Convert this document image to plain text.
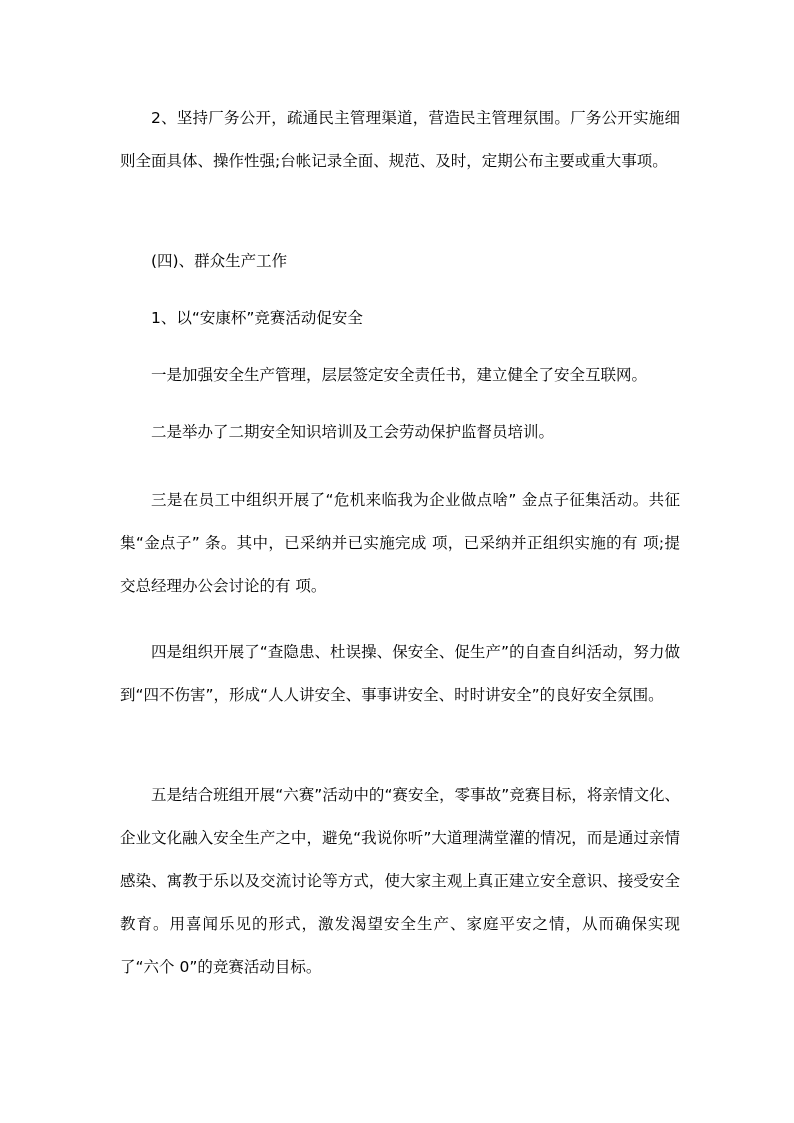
2、坚持厂务公开，疏通民主管理渠道，营造民主管理氛围。厂务公开实施细则全面具体、操作性强;台帐记录全面、规范、及时，定期公布主要或重大事项。

(四)、群众生产工作

1、以“安康杯”竞赛活动促安全

一是加强安全生产管理，层层签定安全责任书，建立健全了安全互联网。

二是举办了二期安全知识培训及工会劳动保护监督员培训。

三是在员工中组织开展了“危机来临我为企业做点啥” 金点子征集活动。共征集“金点子” 条。其中，已采纳并已实施完成 项，已采纳并正组织实施的有 项;提交总经理办公会讨论的有 项。

四是组织开展了“查隐患、杜误操、保安全、促生产”的自查自纠活动，努力做到“四不伤害”，形成“人人讲安全、事事讲安全、时时讲安全”的良好安全氛围。

五是结合班组开展“六赛”活动中的“赛安全，零事故”竞赛目标，将亲情文化、企业文化融入安全生产之中，避免“我说你听”大道理满堂灌的情况，而是通过亲情感染、寓教于乐以及交流讨论等方式，使大家主观上真正建立安全意识、接受安全教育。用喜闻乐见的形式，激发渴望安全生产、家庭平安之情，从而确保实现了“六个 0”的竞赛活动目标。
